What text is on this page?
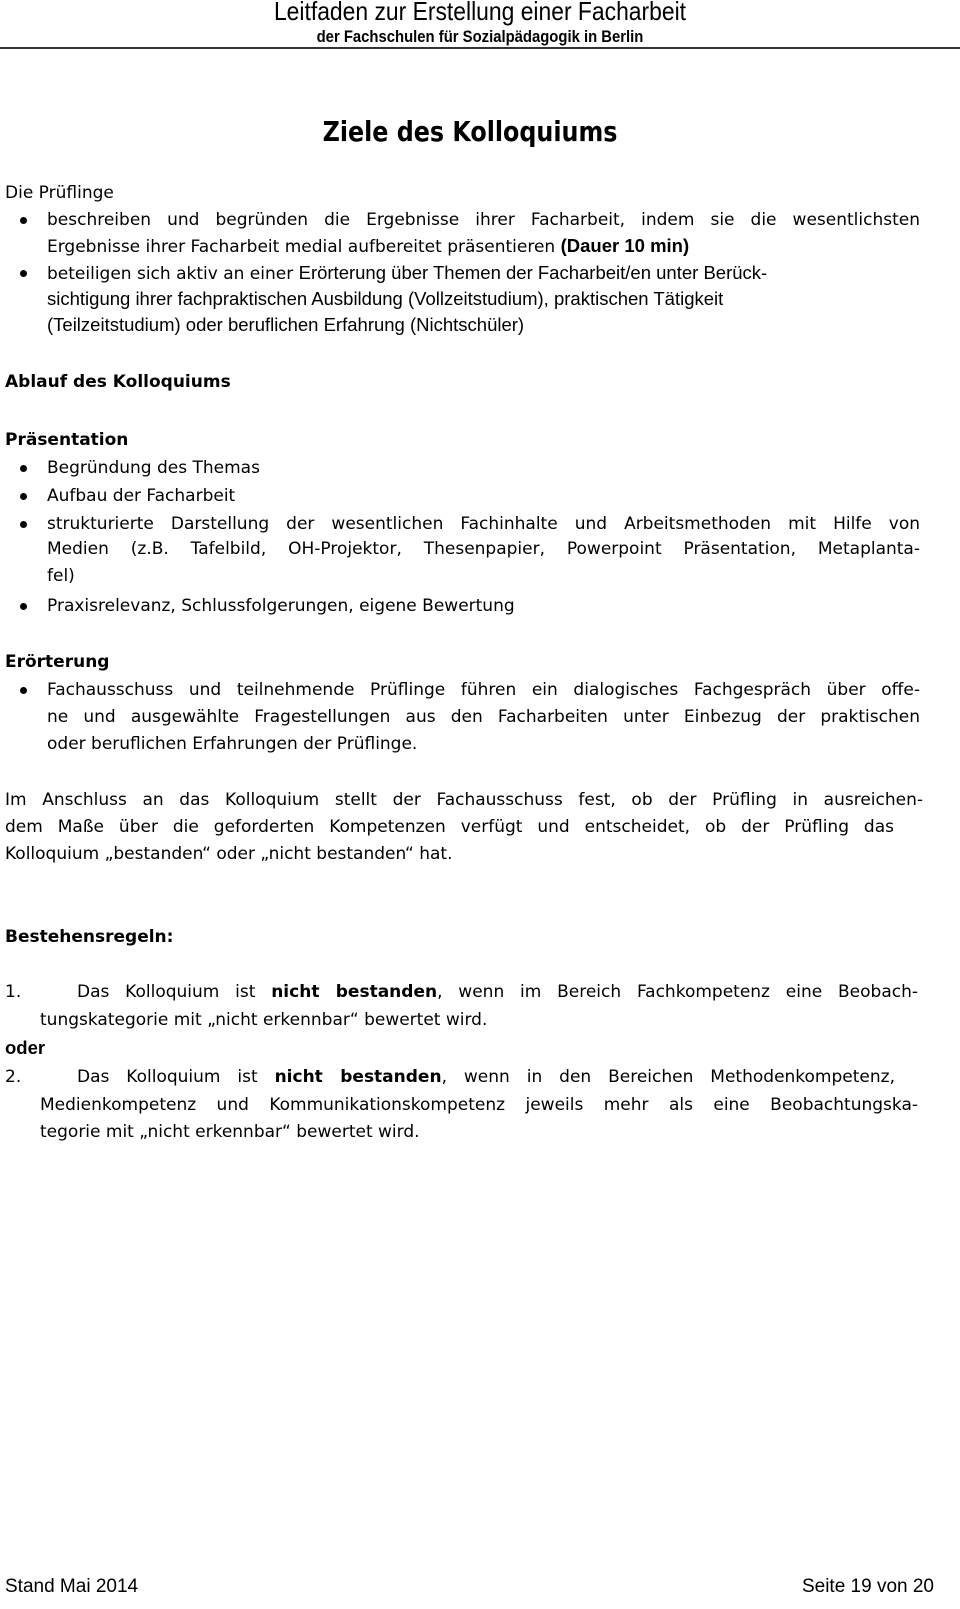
Leitfaden zur Erstellung einer Facharbeit
der Fachschulen für Sozialpädagogik in Berlin
Ziele des Kolloquiums
Die Prüflinge
beschreiben und begründen die Ergebnisse ihrer Facharbeit, indem sie die wesentlichsten
Ergebnisse ihrer Facharbeit medial aufbereitet präsentieren (Dauer 10 min)
beteiligen sich aktiv an einer Erörterung über Themen der Facharbeit/en unter Berück-
sichtigung ihrer fachpraktischen Ausbildung (Vollzeitstudium), praktischen Tätigkeit
(Teilzeitstudium) oder beruflichen Erfahrung (Nichtschüler)
Ablauf des Kolloquiums
Präsentation
Begründung des Themas
Aufbau der Facharbeit
strukturierte Darstellung der wesentlichen Fachinhalte und Arbeitsmethoden mit Hilfe von
Medien (z.B. Tafelbild, OH-Projektor, Thesenpapier, Powerpoint Präsentation, Metaplanta-
fel)
Praxisrelevanz, Schlussfolgerungen, eigene Bewertung
Erörterung
Fachausschuss und teilnehmende Prüflinge führen ein dialogisches Fachgespräch über offe-
ne und ausgewählte Fragestellungen aus den Facharbeiten unter Einbezug der praktischen
oder beruflichen Erfahrungen der Prüflinge.
Im Anschluss an das Kolloquium stellt der Fachausschuss fest, ob der Prüfling in ausreichen-
dem Maße über die geforderten Kompetenzen verfügt und entscheidet, ob der Prüfling das
Kolloquium „bestanden“ oder „nicht bestanden“ hat.
Bestehensregeln:
1.	Das Kolloquium ist nicht bestanden, wenn im Bereich Fachkompetenz eine Beobach-
tungskategorie mit „nicht erkennbar“ bewertet wird.
oder
2.	Das Kolloquium ist nicht bestanden, wenn in den Bereichen Methodenkompetenz,
Medienkompetenz und Kommunikationskompetenz jeweils mehr als eine Beobachtungska-
tegorie mit „nicht erkennbar“ bewertet wird.
Stand Mai 2014	Seite 19 von 20
